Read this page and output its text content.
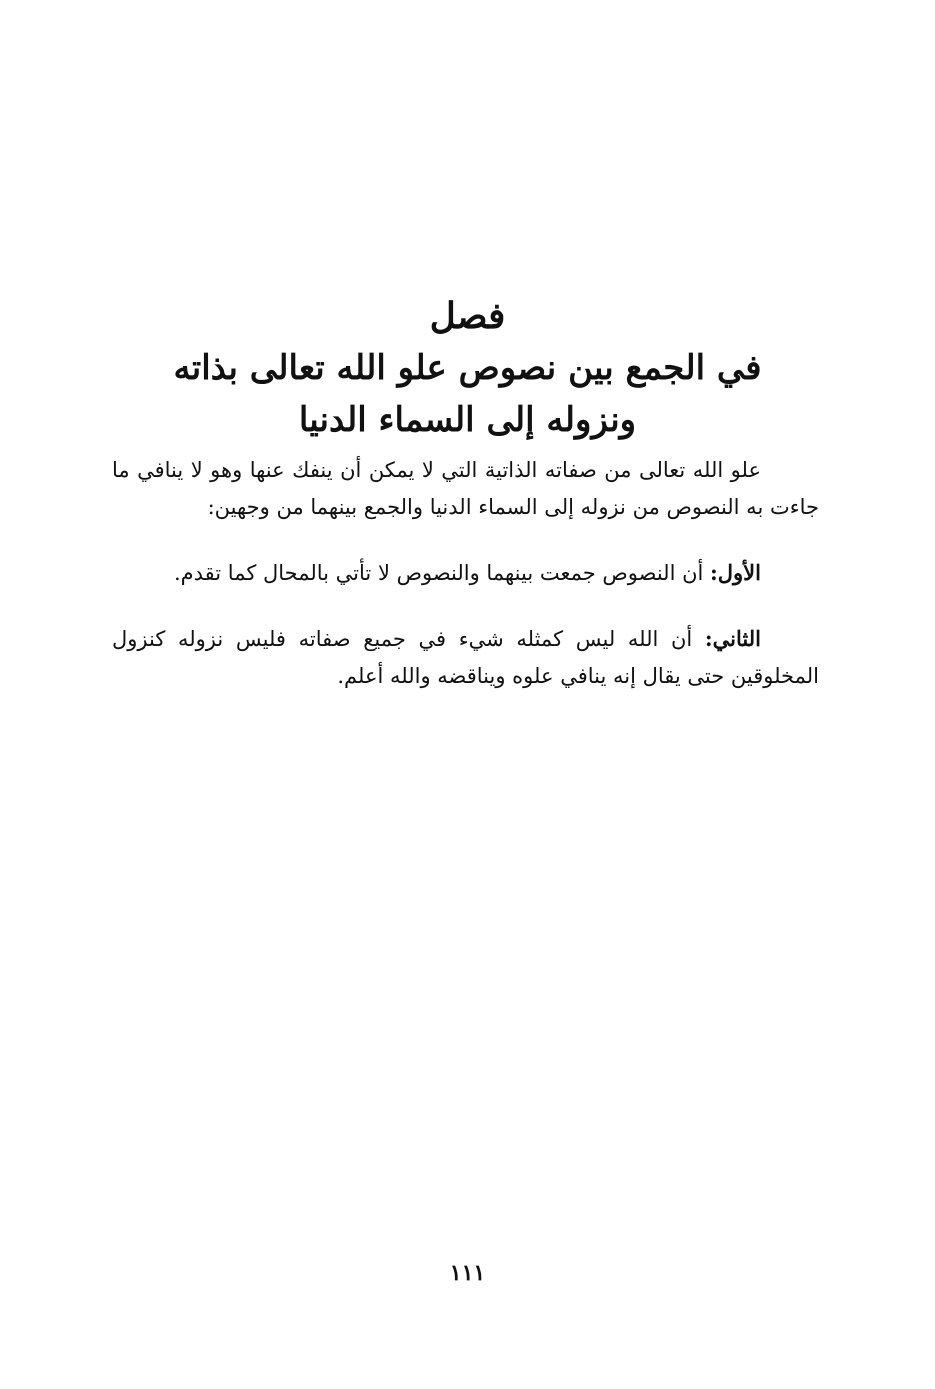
فصل
في الجمع بين نصوص علو الله تعالى بذاته
ونزوله إلى السماء الدنيا

علو الله تعالى من صفاته الذاتية التي لا يمكن أن ينفك عنها وهو لا ينافي ما جاءت به النصوص من نزوله إلى السماء الدنيا والجمع بينهما من وجهين:

الأول: أن النصوص جمعت بينهما والنصوص لا تأتي بالمحال كما تقدم.

الثاني: أن الله ليس كمثله شيء في جميع صفاته فليس نزوله كنزول المخلوقين حتى يقال إنه ينافي علوه ويناقضه والله أعلم.

١١١
